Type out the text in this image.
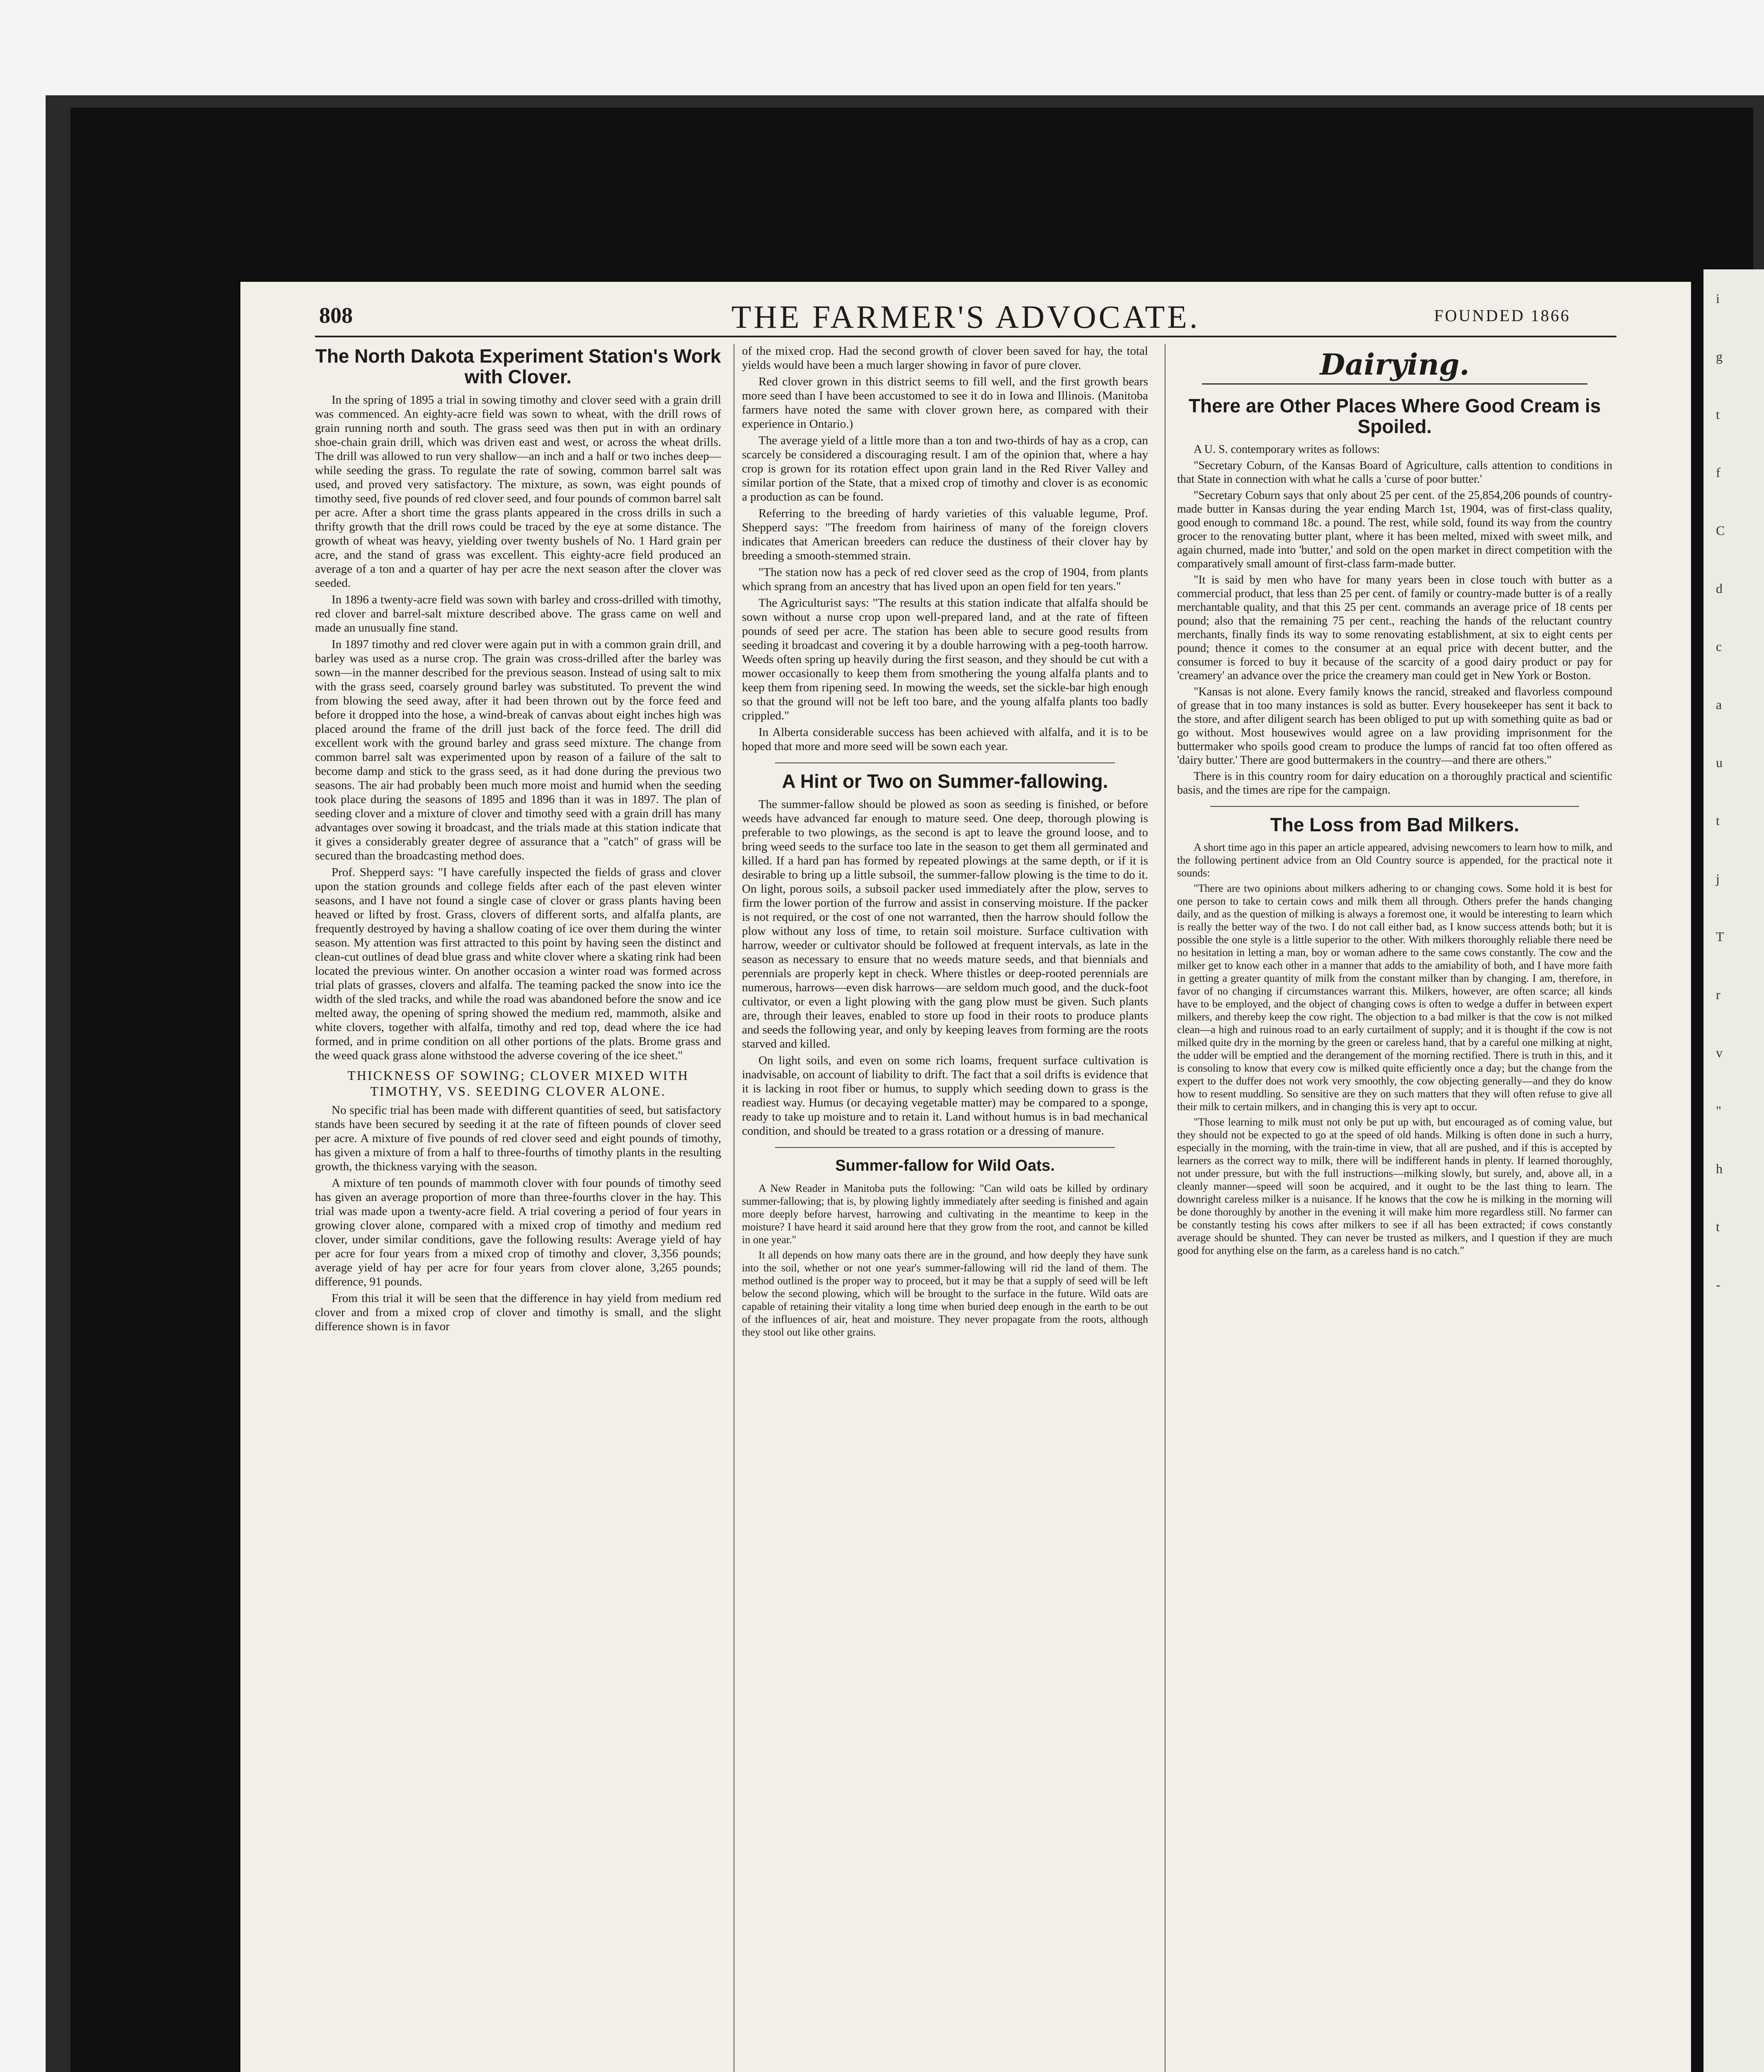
i
g
t
f
C
d
c
a
u
t
j
T
r
v
"
h
t
-
808	THE FARMER'S ADVOCATE.	FOUNDED 1866
The North Dakota Experiment Station's Work with Clover.

In the spring of 1895 a trial in sowing timothy and clover seed with a grain drill was commenced. An eighty-acre field was sown to wheat, with the drill rows of grain running north and south. The grass seed was then put in with an ordinary shoe-chain grain drill, which was driven east and west, or across the wheat drills. The drill was allowed to run very shallow—an inch and a half or two inches deep—while seeding the grass. To regulate the rate of sowing, common barrel salt was used, and proved very satisfactory. The mixture, as sown, was eight pounds of timothy seed, five pounds of red clover seed, and four pounds of common barrel salt per acre. After a short time the grass plants appeared in the cross drills in such a thrifty growth that the drill rows could be traced by the eye at some distance. The growth of wheat was heavy, yielding over twenty bushels of No. 1 Hard grain per acre, and the stand of grass was excellent. This eighty-acre field produced an average of a ton and a quarter of hay per acre the next season after the clover was seeded.

In 1896 a twenty-acre field was sown with barley and cross-drilled with timothy, red clover and barrel-salt mixture described above. The grass came on well and made an unusually fine stand.

In 1897 timothy and red clover were again put in with a common grain drill, and barley was used as a nurse crop. The grain was cross-drilled after the barley was sown—in the manner described for the previous season. Instead of using salt to mix with the grass seed, coarsely ground barley was substituted. To prevent the wind from blowing the seed away, after it had been thrown out by the force feed and before it dropped into the hose, a wind-break of canvas about eight inches high was placed around the frame of the drill just back of the force feed. The drill did excellent work with the ground barley and grass seed mixture. The change from common barrel salt was experimented upon by reason of a failure of the salt to become damp and stick to the grass seed, as it had done during the previous two seasons. The air had probably been much more moist and humid when the seeding took place during the seasons of 1895 and 1896 than it was in 1897. The plan of seeding clover and a mixture of clover and timothy seed with a grain drill has many advantages over sowing it broadcast, and the trials made at this station indicate that it gives a considerably greater degree of assurance that a "catch" of grass will be secured than the broadcasting method does.

Prof. Shepperd says: "I have carefully inspected the fields of grass and clover upon the station grounds and college fields after each of the past eleven winter seasons, and I have not found a single case of clover or grass plants having been heaved or lifted by frost. Grass, clovers of different sorts, and alfalfa plants, are frequently destroyed by having a shallow coating of ice over them during the winter season. My attention was first attracted to this point by having seen the distinct and clean-cut outlines of dead blue grass and white clover where a skating rink had been located the previous winter. On another occasion a winter road was formed across trial plats of grasses, clovers and alfalfa. The teaming packed the snow into ice the width of the sled tracks, and while the road was abandoned before the snow and ice melted away, the opening of spring showed the medium red, mammoth, alsike and white clovers, together with alfalfa, timothy and red top, dead where the ice had formed, and in prime condition on all other portions of the plats. Brome grass and the weed quack grass alone withstood the adverse covering of the ice sheet."

THICKNESS OF SOWING; CLOVER MIXED WITH TIMOTHY, VS. SEEDING CLOVER ALONE.

No specific trial has been made with different quantities of seed, but satisfactory stands have been secured by seeding it at the rate of fifteen pounds of clover seed per acre. A mixture of five pounds of red clover seed and eight pounds of timothy, has given a mixture of from a half to three-fourths of timothy plants in the resulting growth, the thickness varying with the season.

A mixture of ten pounds of mammoth clover with four pounds of timothy seed has given an average proportion of more than three-fourths clover in the hay. This trial was made upon a twenty-acre field. A trial covering a period of four years in growing clover alone, compared with a mixed crop of timothy and medium red clover, under similar conditions, gave the following results: Average yield of hay per acre for four years from a mixed crop of timothy and clover, 3,356 pounds; average yield of hay per acre for four years from clover alone, 3,265 pounds; difference, 91 pounds.

From this trial it will be seen that the difference in hay yield from medium red clover and from a mixed crop of clover and timothy is small, and the slight difference shown is in favor

of the mixed crop. Had the second growth of clover been saved for hay, the total yields would have been a much larger showing in favor of pure clover.

Red clover grown in this district seems to fill well, and the first growth bears more seed than I have been accustomed to see it do in Iowa and Illinois. (Manitoba farmers have noted the same with clover grown here, as compared with their experience in Ontario.)

The average yield of a little more than a ton and two-thirds of hay as a crop, can scarcely be considered a discouraging result. I am of the opinion that, where a hay crop is grown for its rotation effect upon grain land in the Red River Valley and similar portion of the State, that a mixed crop of timothy and clover is as economic a production as can be found.

Referring to the breeding of hardy varieties of this valuable legume, Prof. Shepperd says: "The freedom from hairiness of many of the foreign clovers indicates that American breeders can reduce the dustiness of their clover hay by breeding a smooth-stemmed strain.

"The station now has a peck of red clover seed as the crop of 1904, from plants which sprang from an ancestry that has lived upon an open field for ten years."

The Agriculturist says: "The results at this station indicate that alfalfa should be sown without a nurse crop upon well-prepared land, and at the rate of fifteen pounds of seed per acre. The station has been able to secure good results from seeding it broadcast and covering it by a double harrowing with a peg-tooth harrow. Weeds often spring up heavily during the first season, and they should be cut with a mower occasionally to keep them from smothering the young alfalfa plants and to keep them from ripening seed. In mowing the weeds, set the sickle-bar high enough so that the ground will not be left too bare, and the young alfalfa plants too badly crippled."

In Alberta considerable success has been achieved with alfalfa, and it is to be hoped that more and more seed will be sown each year.

A Hint or Two on Summer-fallowing.

The summer-fallow should be plowed as soon as seeding is finished, or before weeds have advanced far enough to mature seed. One deep, thorough plowing is preferable to two plowings, as the second is apt to leave the ground loose, and to bring weed seeds to the surface too late in the season to get them all germinated and killed. If a hard pan has formed by repeated plowings at the same depth, or if it is desirable to bring up a little subsoil, the summer-fallow plowing is the time to do it. On light, porous soils, a subsoil packer used immediately after the plow, serves to firm the lower portion of the furrow and assist in conserving moisture. If the packer is not required, or the cost of one not warranted, then the harrow should follow the plow without any loss of time, to retain soil moisture. Surface cultivation with harrow, weeder or cultivator should be followed at frequent intervals, as late in the season as necessary to ensure that no weeds mature seeds, and that biennials and perennials are properly kept in check. Where thistles or deep-rooted perennials are numerous, harrows—even disk harrows—are seldom much good, and the duck-foot cultivator, or even a light plowing with the gang plow must be given. Such plants are, through their leaves, enabled to store up food in their roots to produce plants and seeds the following year, and only by keeping leaves from forming are the roots starved and killed.

On light soils, and even on some rich loams, frequent surface cultivation is inadvisable, on account of liability to drift. The fact that a soil drifts is evidence that it is lacking in root fiber or humus, to supply which seeding down to grass is the readiest way. Humus (or decaying vegetable matter) may be compared to a sponge, ready to take up moisture and to retain it. Land without humus is in bad mechanical condition, and should be treated to a grass rotation or a dressing of manure.

Summer-fallow for Wild Oats.

A New Reader in Manitoba puts the following: "Can wild oats be killed by ordinary summer-fallowing; that is, by plowing lightly immediately after seeding is finished and again more deeply before harvest, harrowing and cultivating in the meantime to keep in the moisture? I have heard it said around here that they grow from the root, and cannot be killed in one year."

It all depends on how many oats there are in the ground, and how deeply they have sunk into the soil, whether or not one year's summer-fallowing will rid the land of them. The method outlined is the proper way to proceed, but it may be that a supply of seed will be left below the second plowing, which will be brought to the surface in the future. Wild oats are capable of retaining their vitality a long time when buried deep enough in the earth to be out of the influences of air, heat and moisture. They never propagate from the roots, although they stool out like other grains.

Dairying.
There are Other Places Where Good Cream is Spoiled.

A U. S. contemporary writes as follows:

"Secretary Coburn, of the Kansas Board of Agriculture, calls attention to conditions in that State in connection with what he calls a 'curse of poor butter.'

"Secretary Coburn says that only about 25 per cent. of the 25,854,206 pounds of country-made butter in Kansas during the year ending March 1st, 1904, was of first-class quality, good enough to command 18c. a pound. The rest, while sold, found its way from the country grocer to the renovating butter plant, where it has been melted, mixed with sweet milk, and again churned, made into 'butter,' and sold on the open market in direct competition with the comparatively small amount of first-class farm-made butter.

"It is said by men who have for many years been in close touch with butter as a commercial product, that less than 25 per cent. of family or country-made butter is of a really merchantable quality, and that this 25 per cent. commands an average price of 18 cents per pound; also that the remaining 75 per cent., reaching the hands of the reluctant country merchants, finally finds its way to some renovating establishment, at six to eight cents per pound; thence it comes to the consumer at an equal price with decent butter, and the consumer is forced to buy it because of the scarcity of a good dairy product or pay for 'creamery' an advance over the price the creamery man could get in New York or Boston.

"Kansas is not alone. Every family knows the rancid, streaked and flavorless compound of grease that in too many instances is sold as butter. Every housekeeper has sent it back to the store, and after diligent search has been obliged to put up with something quite as bad or go without. Most housewives would agree on a law providing imprisonment for the buttermaker who spoils good cream to produce the lumps of rancid fat too often offered as 'dairy butter.' There are good buttermakers in the country—and there are others."

There is in this country room for dairy education on a thoroughly practical and scientific basis, and the times are ripe for the campaign.

The Loss from Bad Milkers.

A short time ago in this paper an article appeared, advising newcomers to learn how to milk, and the following pertinent advice from an Old Country source is appended, for the practical note it sounds:

"There are two opinions about milkers adhering to or changing cows. Some hold it is best for one person to take to certain cows and milk them all through. Others prefer the hands changing daily, and as the question of milking is always a foremost one, it would be interesting to learn which is really the better way of the two. I do not call either bad, as I know success attends both; but it is possible the one style is a little superior to the other. With milkers thoroughly reliable there need be no hesitation in letting a man, boy or woman adhere to the same cows constantly. The cow and the milker get to know each other in a manner that adds to the amiability of both, and I have more faith in getting a greater quantity of milk from the constant milker than by changing. I am, therefore, in favor of no changing if circumstances warrant this. Milkers, however, are often scarce; all kinds have to be employed, and the object of changing cows is often to wedge a duffer in between expert milkers, and thereby keep the cow right. The objection to a bad milker is that the cow is not milked clean—a high and ruinous road to an early curtailment of supply; and it is thought if the cow is not milked quite dry in the morning by the green or careless hand, that by a careful one milking at night, the udder will be emptied and the derangement of the morning rectified. There is truth in this, and it is consoling to know that every cow is milked quite efficiently once a day; but the change from the expert to the duffer does not work very smoothly, the cow objecting generally—and they do know how to resent muddling. So sensitive are they on such matters that they will often refuse to give all their milk to certain milkers, and in changing this is very apt to occur.

"Those learning to milk must not only be put up with, but encouraged as of coming value, but they should not be expected to go at the speed of old hands. Milking is often done in such a hurry, especially in the morning, with the train-time in view, that all are pushed, and if this is accepted by learners as the correct way to milk, there will be indifferent hands in plenty. If learned thoroughly, not under pressure, but with the full instructions—milking slowly, but surely, and, above all, in a cleanly manner—speed will soon be acquired, and it ought to be the last thing to learn. The downright careless milker is a nuisance. If he knows that the cow he is milking in the morning will be done thoroughly by another in the evening it will make him more regardless still. No farmer can be constantly testing his cows after milkers to see if all has been extracted; if cows constantly average should be shunted. They can never be trusted as milkers, and I question if they are much good for anything else on the farm, as a careless hand is no catch."
